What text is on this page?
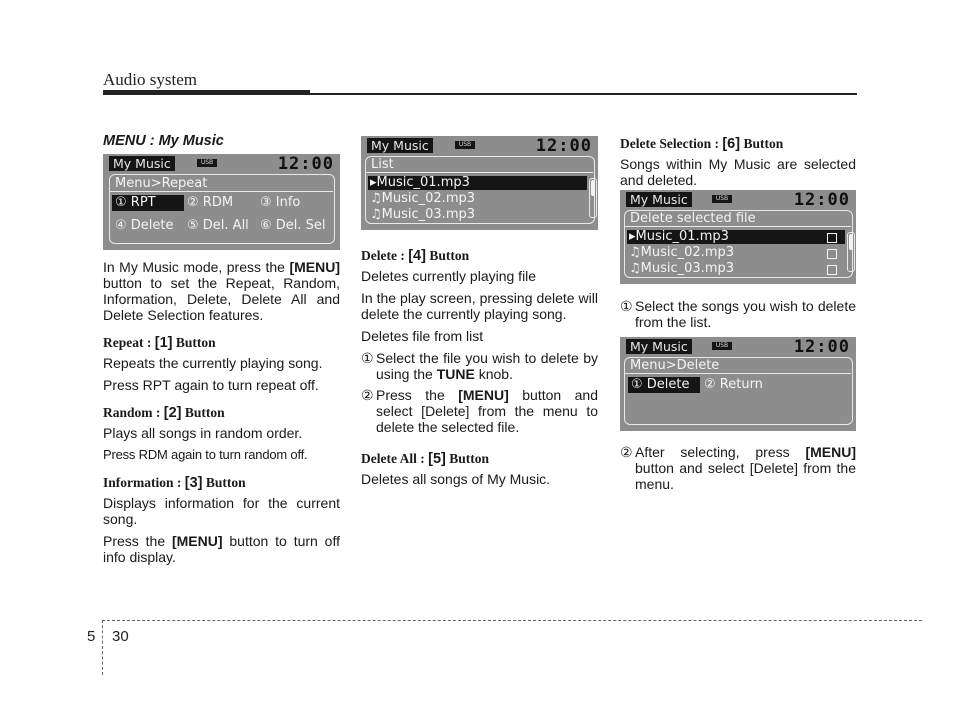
Audio system
MENU : My Music
My Music	USB	12:00
Menu>Repeat
① RPT ② RDM ③ Info
④ Delete ⑤ Del. All ⑥ Del. Sel

In My Music mode, press the [MENU] button to set the Repeat, Random, Information, Delete, Delete All and Delete Selection features.

Repeat : [1] Button

Repeats the currently playing song.

Press RPT again to turn repeat off.

Random : [2] Button

Plays all songs in random order.

Press RDM again to turn random off.

Information : [3] Button

Displays information for the current song.

Press the [MENU] button to turn off info display.

My Music	USB	12:00
List
▸Music_01.mp3
♫Music_02.mp3
♫Music_03.mp3
Delete : [4] Button

Deletes currently playing file

In the play screen, pressing delete will delete the currently playing song.

Deletes file from list

① Select the file you wish to delete by using the TUNE knob.
② Press the [MENU] button and select [Delete] from the menu to delete the selected file.
Delete All : [5] Button

Deletes all songs of My Music.

Delete Selection : [6] Button

Songs within My Music are selected and deleted.

My Music	USB	12:00
Delete selected file
▸Music_01.mp3
♫Music_02.mp3
♫Music_03.mp3
① Select the songs you wish to delete from the list.
My Music	USB	12:00
Menu>Delete
① Delete ② Return
② After selecting, press [MENU] button and select [Delete] from the menu.
5 30
